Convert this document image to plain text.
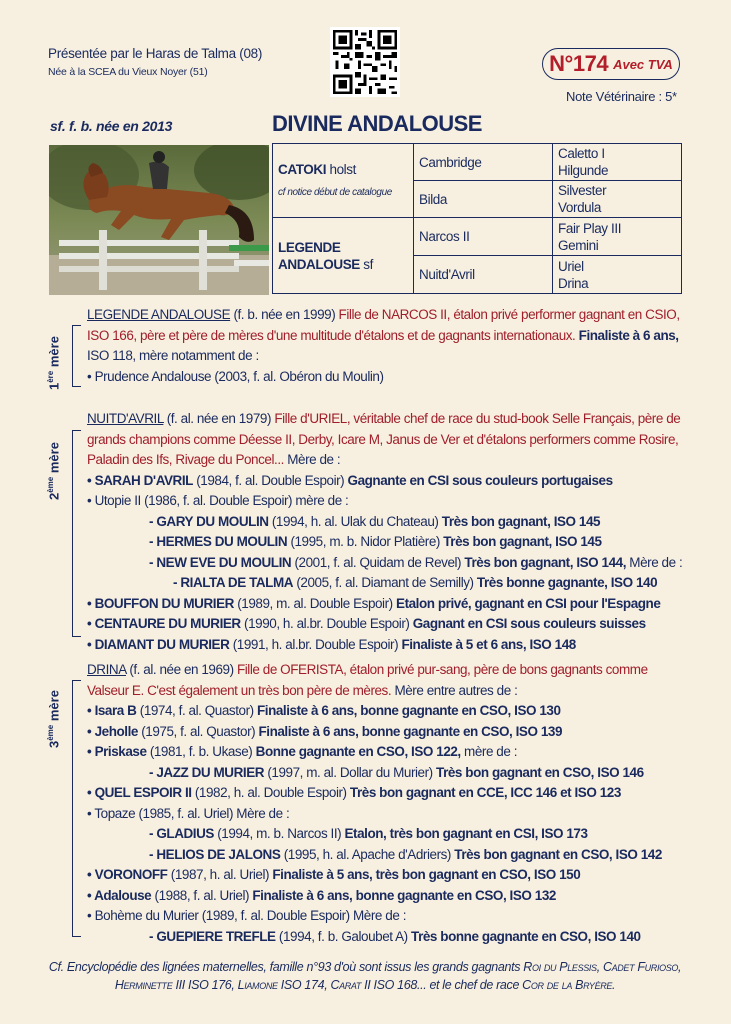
Présentée par le Haras de Talma (08)
Née à la SCEA du Vieux Noyer (51)	N°174 Avec TVA
Note Vétérinaire : 5*
sf. f. b. née en 2013	DIVINE ANDALOUSE
CATOKI holst
cf notice début de catalogue	Cambridge	Caletto I
Hilgunde
	Bilda	Silvester
Vordula
LEGENDE ANDALOUSE sf	Narcos II	Fair Play III
Gemini
	Nuitd'Avril	Uriel
Drina
1ère mère

LEGENDE ANDALOUSE (f. b. née en 1999) Fille de NARCOS II, étalon privé performer gagnant en CSIO, ISO 166, père et père de mères d'une multitude d'étalons et de gagnants internationaux. Finaliste à 6 ans, ISO 118, mère notamment de :

• Prudence Andalouse (2003, f. al. Obéron du Moulin)

2ème mère

NUITD'AVRIL (f. al. née en 1979) Fille d'URIEL, véritable chef de race du stud-book Selle Français, père de grands champions comme Déesse II, Derby, Icare M, Janus de Ver et d'étalons performers comme Rosire, Paladin des Ifs, Rivage du Poncel... Mère de :

• SARAH D'AVRIL (1984, f. al. Double Espoir) Gagnante en CSI sous couleurs portugaises

• Utopie II (1986, f. al. Double Espoir) mère de :

- GARY DU MOULIN (1994, h. al. Ulak du Chateau) Très bon gagnant, ISO 145

- HERMES DU MOULIN (1995, m. b. Nidor Platière) Très bon gagnant, ISO 145

- NEW EVE DU MOULIN (2001, f. al. Quidam de Revel) Très bon gagnant, ISO 144, Mère de :

- RIALTA DE TALMA (2005, f. al. Diamant de Semilly) Très bonne gagnante, ISO 140

• BOUFFON DU MURIER (1989, m. al. Double Espoir) Etalon privé, gagnant en CSI pour l'Espagne

• CENTAURE DU MURIER (1990, h. al.br. Double Espoir) Gagnant en CSI sous couleurs suisses

• DIAMANT DU MURIER (1991, h. al.br. Double Espoir) Finaliste à 5 et 6 ans, ISO 148

3ème mère

DRINA (f. al. née en 1969) Fille de OFERISTA, étalon privé pur-sang, père de bons gagnants comme Valseur E. C'est également un très bon père de mères. Mère entre autres de :

• Isara B (1974, f. al. Quastor) Finaliste à 6 ans, bonne gagnante en CSO, ISO 130

• Jeholle (1975, f. al. Quastor) Finaliste à 6 ans, bonne gagnante en CSO, ISO 139

• Priskase (1981, f. b. Ukase) Bonne gagnante en CSO, ISO 122, mère de :

- JAZZ DU MURIER (1997, m. al. Dollar du Murier) Très bon gagnant en CSO, ISO 146

• QUEL ESPOIR II (1982, h. al. Double Espoir) Très bon gagnant en CCE, ICC 146 et ISO 123

• Topaze (1985, f. al. Uriel) Mère de :

- GLADIUS (1994, m. b. Narcos II) Etalon, très bon gagnant en CSI, ISO 173

- HELIOS DE JALONS (1995, h. al. Apache d'Adriers) Très bon gagnant en CSO, ISO 142

• VORONOFF (1987, h. al. Uriel) Finaliste à 5 ans, très bon gagnant en CSO, ISO 150

• Adalouse (1988, f. al. Uriel) Finaliste à 6 ans, bonne gagnante en CSO, ISO 132

• Bohème du Murier (1989, f. al. Double Espoir) Mère de :

- GUEPIERE TREFLE (1994, f. b. Galoubet A) Très bonne gagnante en CSO, ISO 140

Cf. Encyclopédie des lignées maternelles, famille n°93 d'où sont issus les grands gagnants Roi du Plessis, Cadet Furioso,
Herminette III ISO 176, Liamone ISO 174, Carat II ISO 168... et le chef de race Cor de la Bryère.
